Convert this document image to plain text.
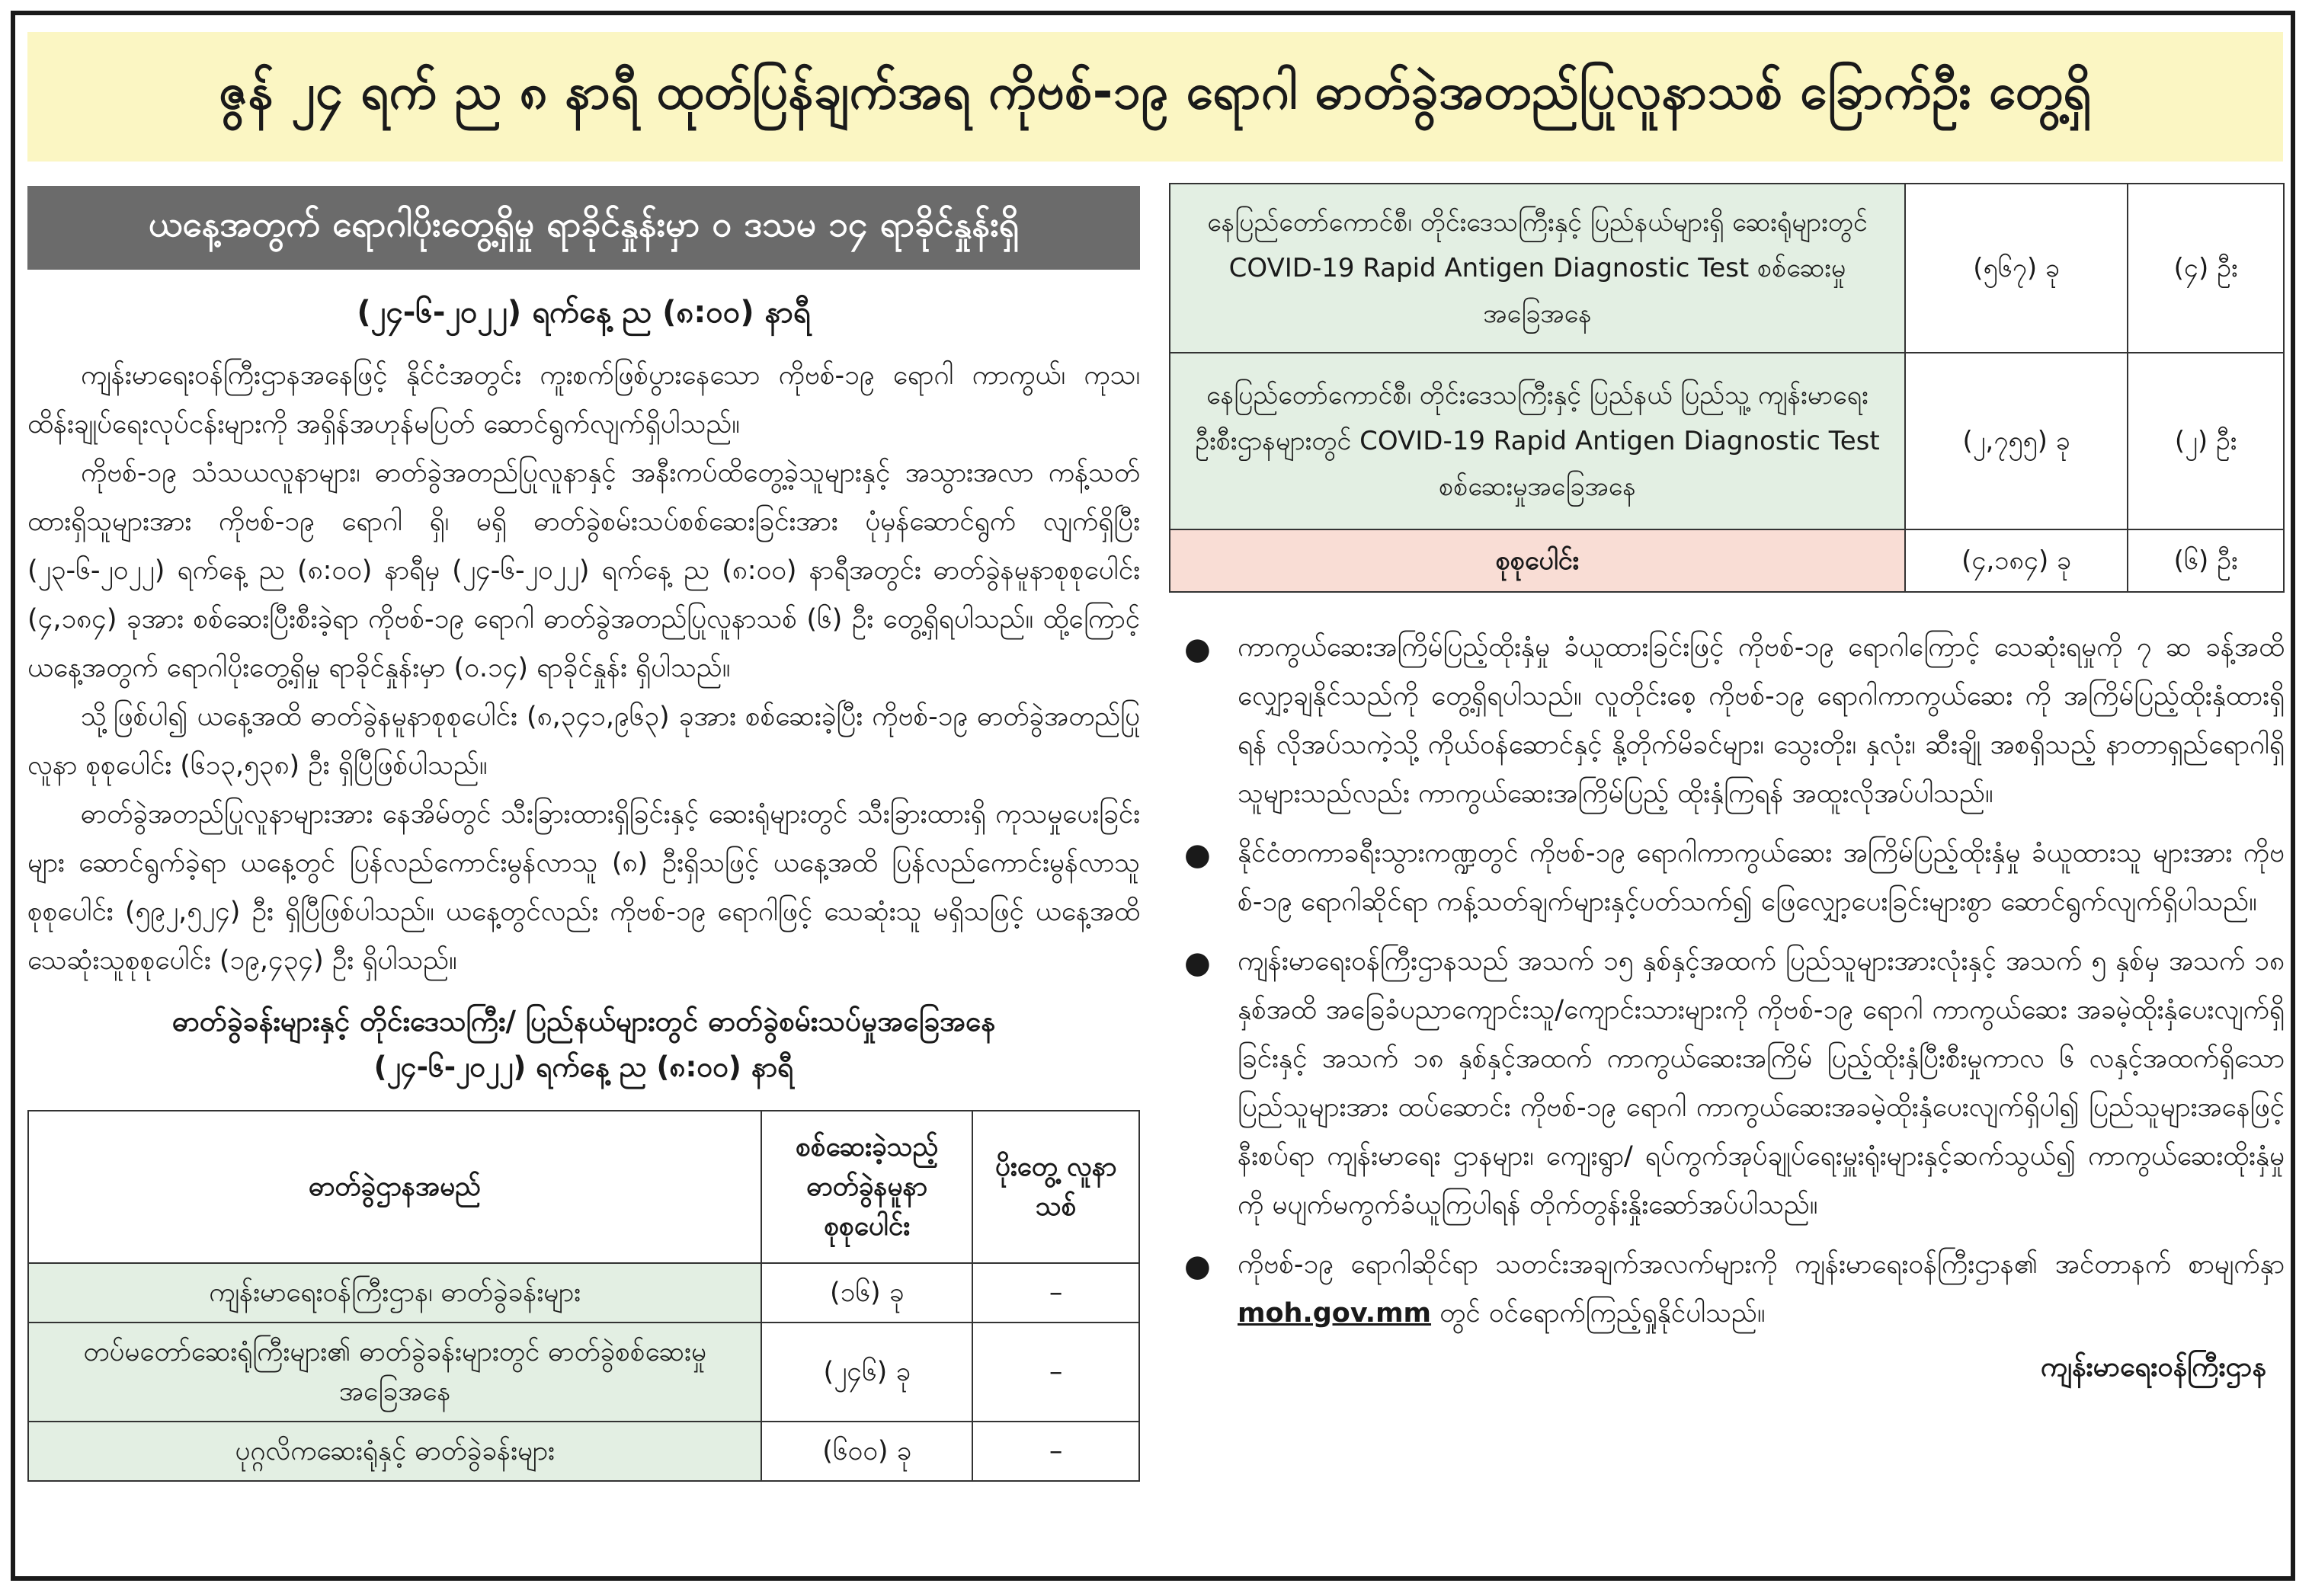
ဇွန် ၂၄ ရက် ည ၈ နာရီ ထုတ်ပြန်ချက်အရ ကိုဗစ်-၁၉ ရောဂါ ဓာတ်ခွဲအတည်ပြုလူနာသစ် ခြောက်ဦး တွေ့ရှိ
ယနေ့အတွက် ရောဂါပိုးတွေ့ရှိမှု ရာခိုင်နှုန်းမှာ ၀ ဒသမ ၁၄ ရာခိုင်နှုန်းရှိ
(၂၄-၆-၂၀၂၂) ရက်နေ့ ည (၈:၀၀) နာရီ

ကျန်းမာရေးဝန်ကြီးဌာနအနေဖြင့် နိုင်ငံအတွင်း ကူးစက်ဖြစ်ပွားနေသော ကိုဗစ်-၁၉ ရောဂါ ကာကွယ်၊ ကုသ၊ ထိန်းချုပ်ရေးလုပ်ငန်းများကို အရှိန်အဟုန်မပြတ် ဆောင်ရွက်လျက်ရှိပါသည်။

ကိုဗစ်-၁၉ သံသယလူနာများ၊ ဓာတ်ခွဲအတည်ပြုလူနာနှင့် အနီးကပ်ထိတွေ့ခဲ့သူများနှင့် အသွားအလာ ကန့်သတ်ထားရှိသူများအား ကိုဗစ်-၁၉ ရောဂါ ရှိ၊ မရှိ ဓာတ်ခွဲစမ်းသပ်စစ်ဆေးခြင်းအား ပုံမှန်ဆောင်ရွက် လျက်ရှိပြီး (၂၃-၆-၂၀၂၂) ရက်နေ့ ည (၈:၀၀) နာရီမှ (၂၄-၆-၂၀၂၂) ရက်နေ့ ည (၈:၀၀) နာရီအတွင်း ဓာတ်ခွဲနမူနာစုစုပေါင်း (၄,၁၈၄) ခုအား စစ်ဆေးပြီးစီးခဲ့ရာ ကိုဗစ်-၁၉ ရောဂါ ဓာတ်ခွဲအတည်ပြုလူနာသစ် (၆) ဦး တွေ့ရှိရပါသည်။ ထို့ကြောင့် ယနေ့အတွက် ရောဂါပိုးတွေ့ရှိမှု ရာခိုင်နှုန်းမှာ (၀.၁၄) ရာခိုင်နှုန်း ရှိပါသည်။

သို့ဖြစ်ပါ၍ ယနေ့အထိ ဓာတ်ခွဲနမူနာစုစုပေါင်း (၈,၃၄၁,၉၆၃) ခုအား စစ်ဆေးခဲ့ပြီး ကိုဗစ်-၁၉ ဓာတ်ခွဲအတည်ပြုလူနာ စုစုပေါင်း (၆၁၃,၅၃၈) ဦး ရှိပြီဖြစ်ပါသည်။

ဓာတ်ခွဲအတည်ပြုလူနာများအား နေအိမ်တွင် သီးခြားထားရှိခြင်းနှင့် ဆေးရုံများတွင် သီးခြားထားရှိ ကုသမှုပေးခြင်းများ ဆောင်ရွက်ခဲ့ရာ ယနေ့တွင် ပြန်လည်ကောင်းမွန်လာသူ (၈) ဦးရှိသဖြင့် ယနေ့အထိ ပြန်လည်ကောင်းမွန်လာသူ စုစုပေါင်း (၅၉၂,၅၂၄) ဦး ရှိပြီဖြစ်ပါသည်။ ယနေ့တွင်လည်း ကိုဗစ်-၁၉ ရောဂါဖြင့် သေဆုံးသူ မရှိသဖြင့် ယနေ့အထိ သေဆုံးသူစုစုပေါင်း (၁၉,၄၃၄) ဦး ရှိပါသည်။

ဓာတ်ခွဲခန်းများနှင့် တိုင်းဒေသကြီး/ ပြည်နယ်များတွင် ဓာတ်ခွဲစမ်းသပ်မှုအခြေအနေ
(၂၄-၆-၂၀၂၂) ရက်နေ့ ည (၈:၀၀) နာရီ
ဓာတ်ခွဲဌာနအမည်	စစ်ဆေးခဲ့သည့် ဓာတ်ခွဲနမူနာ စုစုပေါင်း	ပိုးတွေ့ လူနာသစ်
ကျန်းမာရေးဝန်ကြီးဌာန၊ ဓာတ်ခွဲခန်းများ	(၁၆) ခု	–
တပ်မတော်ဆေးရုံကြီးများ၏ ဓာတ်ခွဲခန်းများတွင် ဓာတ်ခွဲစစ်ဆေးမှုအခြေအနေ	(၂၄၆) ခု	–
ပုဂ္ဂလိကဆေးရုံနှင့် ဓာတ်ခွဲခန်းများ	(၆၀၀) ခု	–
နေပြည်တော်ကောင်စီ၊ တိုင်းဒေသကြီးနှင့် ပြည်နယ်များရှိ ဆေးရုံများတွင် COVID-19 Rapid Antigen Diagnostic Test စစ်ဆေးမှုအခြေအနေ	(၅၆၇) ခု	(၄) ဦး
နေပြည်တော်ကောင်စီ၊ တိုင်းဒေသကြီးနှင့် ပြည်နယ် ပြည်သူ့ ကျန်းမာရေးဦးစီးဌာနများတွင် COVID-19 Rapid Antigen Diagnostic Test စစ်ဆေးမှုအခြေအနေ	(၂,၇၅၅) ခု	(၂) ဦး
စုစုပေါင်း	(၄,၁၈၄) ခု	(၆) ဦး
● ကာကွယ်ဆေးအကြိမ်ပြည့်ထိုးနှံမှု ခံယူထားခြင်းဖြင့် ကိုဗစ်-၁၉ ရောဂါကြောင့် သေဆုံးရမှုကို ၇ ဆ ခန့်အထိ လျှော့ချနိုင်သည်ကို တွေ့ရှိရပါသည်။ လူတိုင်းစေ့ ကိုဗစ်-၁၉ ရောဂါကာကွယ်ဆေး ကို အကြိမ်ပြည့်ထိုးနှံထားရှိရန် လိုအပ်သကဲ့သို့ ကိုယ်ဝန်ဆောင်နှင့် နို့တိုက်မိခင်များ၊ သွေးတိုး၊ နှလုံး၊ ဆီးချို အစရှိသည့် နာတာရှည်ရောဂါရှိသူများသည်လည်း ကာကွယ်ဆေးအကြိမ်ပြည့် ထိုးနှံကြရန် အထူးလိုအပ်ပါသည်။
● နိုင်ငံတကာခရီးသွားကဏ္ဍတွင် ကိုဗစ်-၁၉ ရောဂါကာကွယ်ဆေး အကြိမ်ပြည့်ထိုးနှံမှု ခံယူထားသူ များအား ကိုဗစ်-၁၉ ရောဂါဆိုင်ရာ ကန့်သတ်ချက်များနှင့်ပတ်သက်၍ ဖြေလျှော့ပေးခြင်းများစွာ ဆောင်ရွက်လျက်ရှိပါသည်။
● ကျန်းမာရေးဝန်ကြီးဌာနသည် အသက် ၁၅ နှစ်နှင့်အထက် ပြည်သူများအားလုံးနှင့် အသက် ၅ နှစ်မှ အသက် ၁၈ နှစ်အထိ အခြေခံပညာကျောင်းသူ/ကျောင်းသားများကို ကိုဗစ်-၁၉ ရောဂါ ကာကွယ်ဆေး အခမဲ့ထိုးနှံပေးလျက်ရှိခြင်းနှင့် အသက် ၁၈ နှစ်နှင့်အထက် ကာကွယ်ဆေးအကြိမ် ပြည့်ထိုးနှံပြီးစီးမှုကာလ ၆ လနှင့်အထက်ရှိသော ပြည်သူများအား ထပ်ဆောင်း ကိုဗစ်-၁၉ ရောဂါ ကာကွယ်ဆေးအခမဲ့ထိုးနှံပေးလျက်ရှိပါ၍ ပြည်သူများအနေဖြင့် နီးစပ်ရာ ကျန်းမာရေး ဌာနများ၊ ကျေးရွာ/ ရပ်ကွက်အုပ်ချုပ်ရေးမှူးရုံးများနှင့်ဆက်သွယ်၍ ကာကွယ်ဆေးထိုးနှံမှုကို မပျက်မကွက်ခံယူကြပါရန် တိုက်တွန်းနှိုးဆော်အပ်ပါသည်။
● ကိုဗစ်-၁၉ ရောဂါဆိုင်ရာ သတင်းအချက်အလက်များကို ကျန်းမာရေးဝန်ကြီးဌာန၏ အင်တာနက် စာမျက်နှာ moh.gov.mm တွင် ဝင်ရောက်ကြည့်ရှုနိုင်ပါသည်။
ကျန်းမာရေးဝန်ကြီးဌာန
